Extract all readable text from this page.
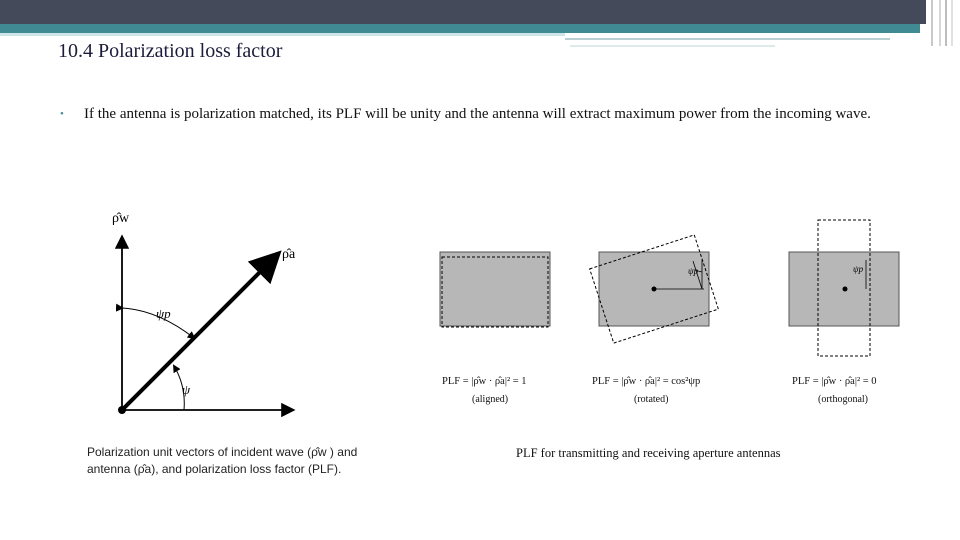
10.4 Polarization loss factor
• If the antenna is polarization matched, its PLF will be unity and the antenna will extract maximum power from the incoming wave.
ρ̂w
ρ̂a
ψp
ψ
Polarization unit vectors of incident wave (ρ̂w ) and
antenna (ρ̂a), and polarization loss factor (PLF).
ψp	ψp
PLF = |ρ̂w · ρ̂a|² = 1
(aligned)
PLF = |ρ̂w · ρ̂a|² = cos²ψp
(rotated)
PLF = |ρ̂w · ρ̂a|² = 0
(orthogonal)
PLF for transmitting and receiving aperture antennas
